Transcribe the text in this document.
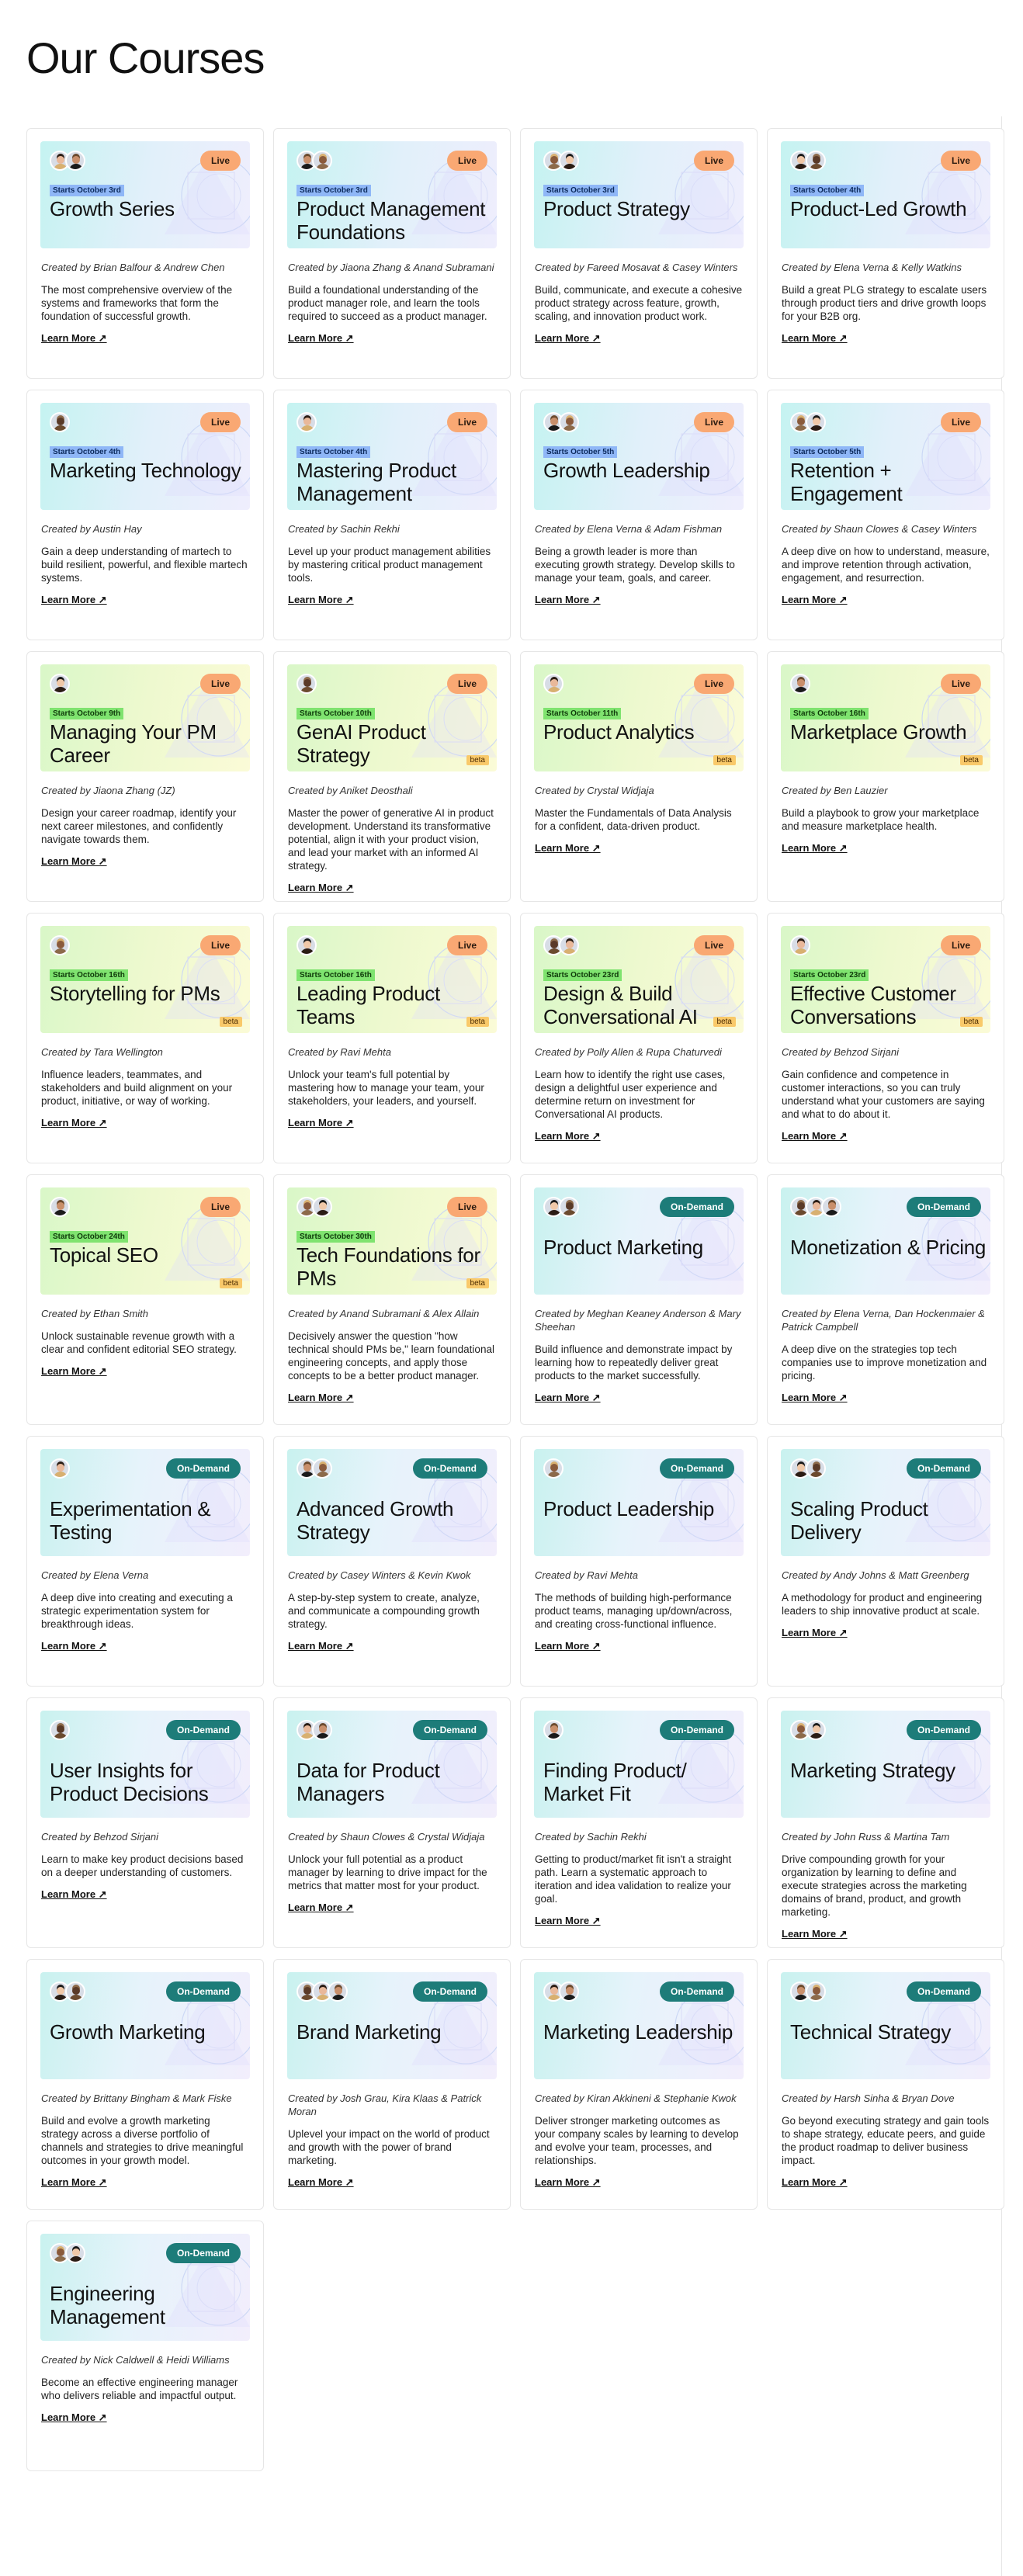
Our Courses
Live
Starts October 3rd
Growth Series
Created by Brian Balfour & Andrew Chen
The most comprehensive overview of the systems and frameworks that form the foundation of successful growth.
Learn More ↗
Live
Starts October 3rd
Product Management Foundations
Created by Jiaona Zhang & Anand Subramani
Build a foundational understanding of the product manager role, and learn the tools required to succeed as a product manager.
Learn More ↗
Live
Starts October 3rd
Product Strategy
Created by Fareed Mosavat & Casey Winters
Build, communicate, and execute a cohesive product strategy across feature, growth, scaling, and innovation product work.
Learn More ↗
Live
Starts October 4th
Product-Led Growth
Created by Elena Verna & Kelly Watkins
Build a great PLG strategy to escalate users through product tiers and drive growth loops for your B2B org.
Learn More ↗
Live
Starts October 4th
Marketing Technology
Created by Austin Hay
Gain a deep understanding of martech to build resilient, powerful, and flexible martech systems.
Learn More ↗
Live
Starts October 4th
Mastering Product Management
Created by Sachin Rekhi
Level up your product management abilities by mastering critical product management tools.
Learn More ↗
Live
Starts October 5th
Growth Leadership
Created by Elena Verna & Adam Fishman
Being a growth leader is more than executing growth strategy. Develop skills to manage your team, goals, and career.
Learn More ↗
Live
Starts October 5th
Retention + Engagement
Created by Shaun Clowes & Casey Winters
A deep dive on how to understand, measure, and improve retention through activation, engagement, and resurrection.
Learn More ↗
Live
Starts October 9th
Managing Your PM Career
Created by Jiaona Zhang (JZ)
Design your career roadmap, identify your next career milestones, and confidently navigate towards them.
Learn More ↗
Live
Starts October 10th
GenAI Product Strategy	beta
Created by Aniket Deosthali
Master the power of generative AI in product development. Understand its transformative potential, align it with your product vision, and lead your market with an informed AI strategy.
Learn More ↗
Live
Starts October 11th
Product Analytics
beta
Created by Crystal Widjaja
Master the Fundamentals of Data Analysis for a confident, data-driven product.
Learn More ↗
Live
Starts October 16th
Marketplace Growth
beta
Created by Ben Lauzier
Build a playbook to grow your marketplace and measure marketplace health.
Learn More ↗
Live
Starts October 16th
Storytelling for PMs
beta
Created by Tara Wellington
Influence leaders, teammates, and stakeholders and build alignment on your product, initiative, or way of working.
Learn More ↗
Live
Starts October 16th
Leading Product Teams	beta
Created by Ravi Mehta
Unlock your team's full potential by mastering how to manage your team, your stakeholders, your leaders, and yourself.
Learn More ↗
Live
Starts October 23rd
Design & Build Conversational AI	beta
Created by Polly Allen & Rupa Chaturvedi
Learn how to identify the right use cases, design a delightful user experience and determine return on investment for Conversational AI products.
Learn More ↗
Live
Starts October 23rd
Effective Customer Conversations	beta
Created by Behzod Sirjani
Gain confidence and competence in customer interactions, so you can truly understand what your customers are saying and what to do about it.
Learn More ↗
Live
Starts October 24th
Topical SEO
beta
Created by Ethan Smith
Unlock sustainable revenue growth with a clear and confident editorial SEO strategy.
Learn More ↗
Live
Starts October 30th
Tech Foundations for PMs	beta
Created by Anand Subramani & Alex Allain
Decisively answer the question "how technical should PMs be," learn foundational engineering concepts, and apply those concepts to be a better product manager.
Learn More ↗
On-Demand
Product Marketing
Created by Meghan Keaney Anderson & Mary Sheehan
Build influence and demonstrate impact by learning how to repeatedly deliver great products to the market successfully.
Learn More ↗
On-Demand
Monetization & Pricing
Created by Elena Verna, Dan Hockenmaier & Patrick Campbell
A deep dive on the strategies top tech companies use to improve monetization and pricing.
Learn More ↗
On-Demand
Experimentation & Testing
Created by Elena Verna
A deep dive into creating and executing a strategic experimentation system for breakthrough ideas.
Learn More ↗
On-Demand
Advanced Growth Strategy
Created by Casey Winters & Kevin Kwok
A step-by-step system to create, analyze, and communicate a compounding growth strategy.
Learn More ↗
On-Demand
Product Leadership
Created by Ravi Mehta
The methods of building high-performance product teams, managing up/down/across, and creating cross-functional influence.
Learn More ↗
On-Demand
Scaling Product Delivery
Created by Andy Johns & Matt Greenberg
A methodology for product and engineering leaders to ship innovative product at scale.
Learn More ↗
On-Demand
User Insights for Product Decisions
Created by Behzod Sirjani
Learn to make key product decisions based on a deeper understanding of customers.
Learn More ↗
On-Demand
Data for Product Managers
Created by Shaun Clowes & Crystal Widjaja
Unlock your full potential as a product manager by learning to drive impact for the metrics that matter most for your product.
Learn More ↗
On-Demand
Finding Product/ Market Fit
Created by Sachin Rekhi
Getting to product/market fit isn't a straight path. Learn a systematic approach to iteration and idea validation to realize your goal.
Learn More ↗
On-Demand
Marketing Strategy
Created by John Russ & Martina Tam
Drive compounding growth for your organization by learning to define and execute strategies across the marketing domains of brand, product, and growth marketing.
Learn More ↗
On-Demand
Growth Marketing
Created by Brittany Bingham & Mark Fiske
Build and evolve a growth marketing strategy across a diverse portfolio of channels and strategies to drive meaningful outcomes in your growth model.
Learn More ↗
On-Demand
Brand Marketing
Created by Josh Grau, Kira Klaas & Patrick Moran
Uplevel your impact on the world of product and growth with the power of brand marketing.
Learn More ↗
On-Demand
Marketing Leadership
Created by Kiran Akkineni & Stephanie Kwok
Deliver stronger marketing outcomes as your company scales by learning to develop and evolve your team, processes, and relationships.
Learn More ↗
On-Demand
Technical Strategy
Created by Harsh Sinha & Bryan Dove
Go beyond executing strategy and gain tools to shape strategy, educate peers, and guide the product roadmap to deliver business impact.
Learn More ↗
On-Demand
Engineering Management
Created by Nick Caldwell & Heidi Williams
Become an effective engineering manager who delivers reliable and impactful output.
Learn More ↗
